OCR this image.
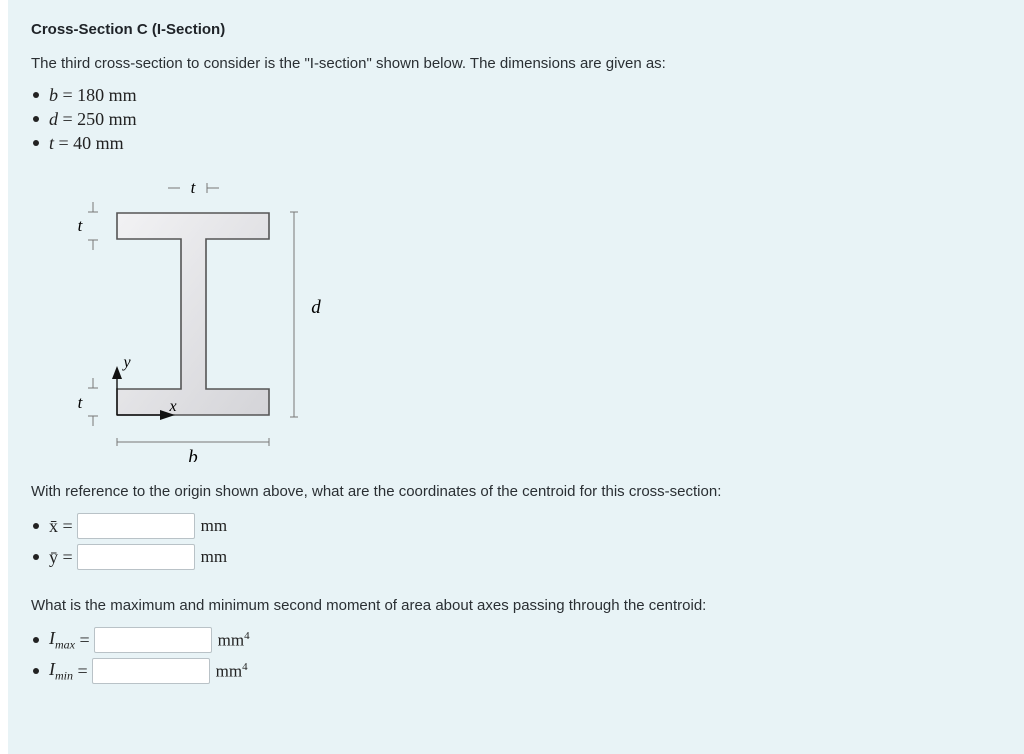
Cross-Section C (I-Section)
The third cross-section to consider is the "I-section" shown below. The dimensions are given as:
b
= 180 mm
d
= 250 mm
t
= 40 mm
t
t
t
d
b
y
x
With reference to the origin shown above, what are the coordinates of the centroid for this cross-section:
x̄
=	mm
ȳ
=	mm
What is the maximum and minimum second moment of area about axes passing through the centroid:
$I_{max}$
=	$mm^4$
$I_{min}$
=	$mm^4$
